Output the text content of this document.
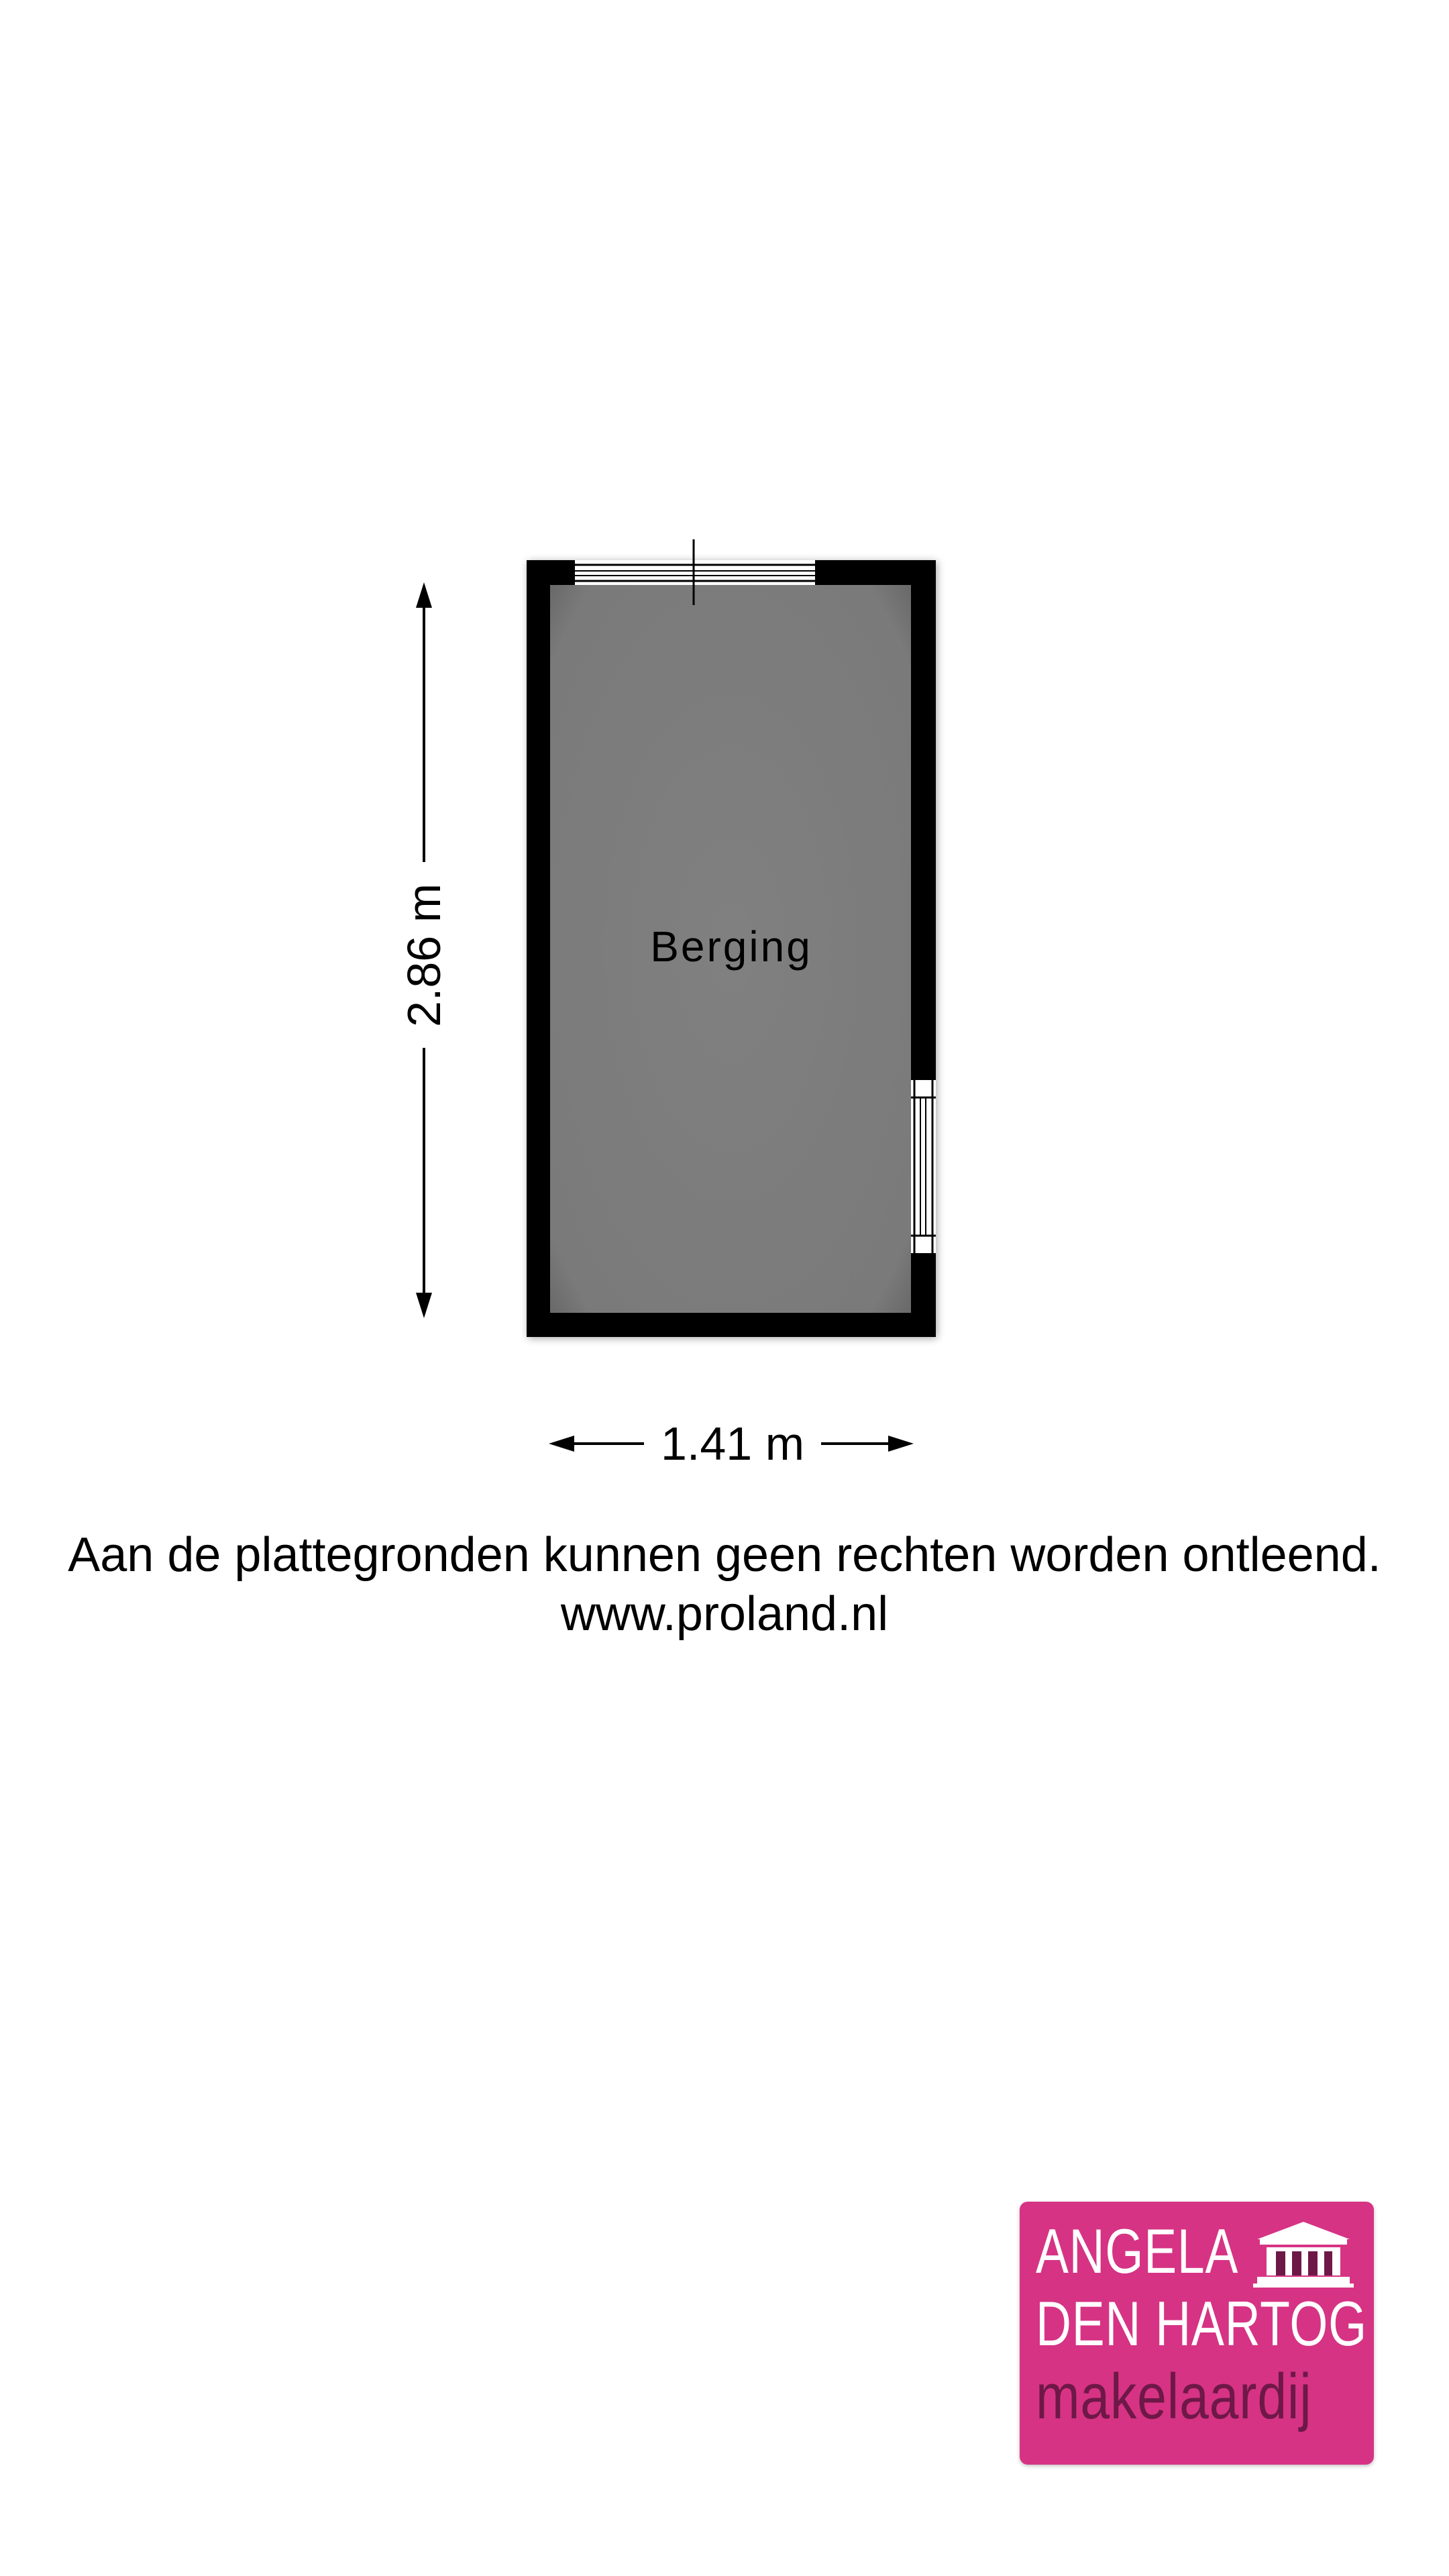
Berging
2.86 m
1.41 m
Aan de plattegronden kunnen geen rechten worden ontleend.
www.proland.nl
ANGELA
DEN HARTOG
makelaardij
